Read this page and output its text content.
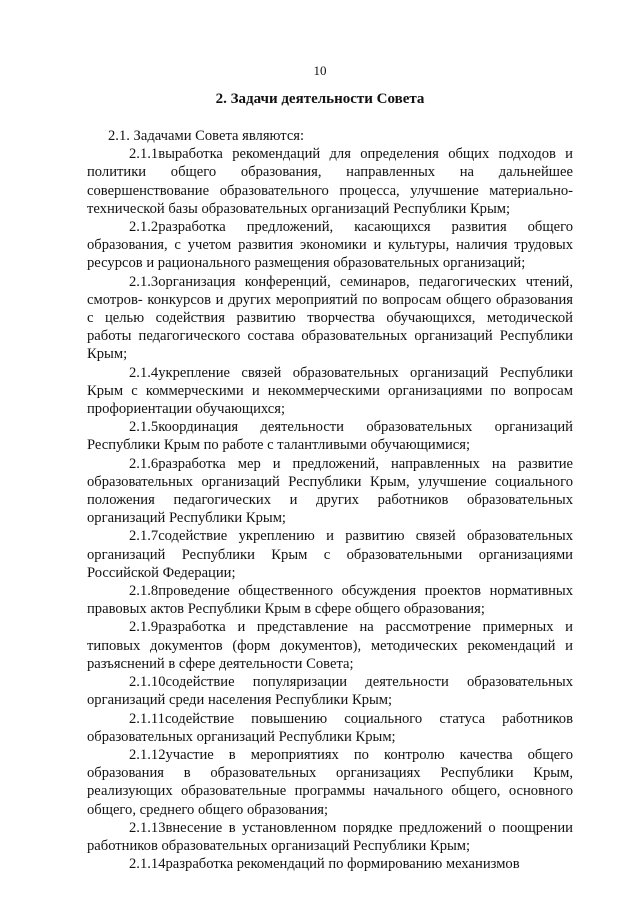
10
2. Задачи деятельности Совета

2.1. Задачами Совета являются:

2.1.1выработка рекомендаций для определения общих подходов и политики общего образования, направленных на дальнейшее совершенствование образовательного процесса, улучшение материально-технической базы образовательных организаций Республики Крым;

2.1.2разработка предложений, касающихся развития общего образования, с учетом развития экономики и культуры, наличия трудовых ресурсов и рационального размещения образовательных организаций;

2.1.3организация конференций, семинаров, педагогических чтений, смотров- конкурсов и других мероприятий по вопросам общего образования с целью содействия развитию творчества обучающихся, методической работы педагогического состава образовательных организаций Республики Крым;

2.1.4укрепление связей образовательных организаций Республики Крым с коммерческими и некоммерческими организациями по вопросам профориентации обучающихся;

2.1.5координация деятельности образовательных организаций Республики Крым по работе с талантливыми обучающимися;

2.1.6разработка мер и предложений, направленных на развитие образовательных организаций Республики Крым, улучшение социального положения педагогических и других работников образовательных организаций Республики Крым;

2.1.7содействие укреплению и развитию связей образовательных организаций Республики Крым с образовательными организациями Российской Федерации;

2.1.8проведение общественного обсуждения проектов нормативных правовых актов Республики Крым в сфере общего образования;

2.1.9разработка и представление на рассмотрение примерных и типовых документов (форм документов), методических рекомендаций и разъяснений в сфере деятельности Совета;

2.1.10содействие популяризации деятельности образовательных организаций среди населения Республики Крым;

2.1.11содействие повышению социального статуса работников образовательных организаций Республики Крым;

2.1.12участие в мероприятиях по контролю качества общего образования в образовательных организациях Республики Крым, реализующих образовательные программы начального общего, основного общего, среднего общего образования;

2.1.13внесение в установленном порядке предложений о поощрении работников образовательных организаций Республики Крым;

2.1.14разработка рекомендаций по формированию механизмов
